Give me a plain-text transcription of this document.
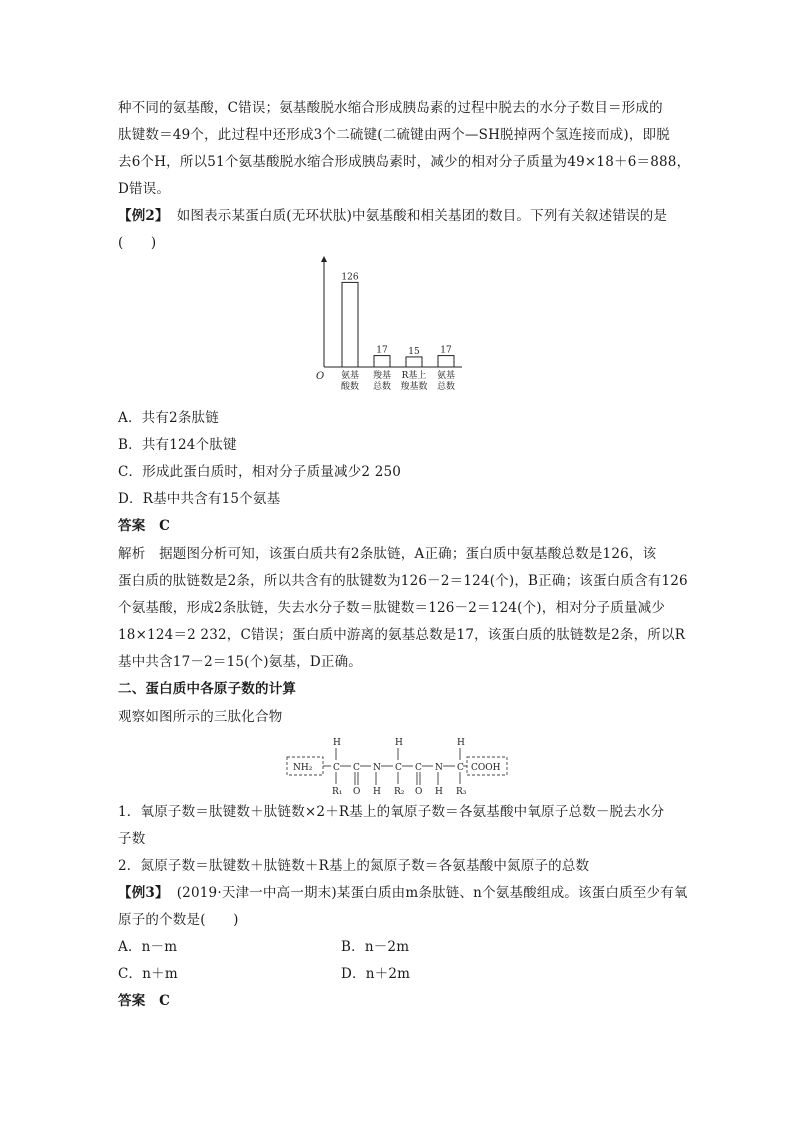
种不同的氨基酸，C错误；氨基酸脱水缩合形成胰岛素的过程中脱去的水分子数目＝形成的
肽键数＝49个，此过程中还形成3个二硫键(二硫键由两个—SH脱掉两个氢连接而成)，即脱
去6个H，所以51个氨基酸脱水缩合形成胰岛素时，减少的相对分子质量为49×18＋6＝888，
D错误。
【例2】 如图表示某蛋白质(无环状肽)中氨基酸和相关基团的数目。下列有关叙述错误的是
(　　)
O
126
氨基
酸数
17
羧基
总数
15
R基上
羧基数
17
氨基
总数
A．共有2条肽链
B．共有124个肽键
C．形成此蛋白质时，相对分子质量减少2 250
D．R基中共含有15个氨基
答案　C
解析　据题图分析可知，该蛋白质共有2条肽链，A正确；蛋白质中氨基酸总数是126，该
蛋白质的肽链数是2条，所以共含有的肽键数为126－2＝124(个)，B正确；该蛋白质含有126
个氨基酸，形成2条肽链，失去水分子数＝肽键数＝126－2＝124(个)，相对分子质量减少
18×124＝2 232，C错误；蛋白质中游离的氨基总数是17，该蛋白质的肽链数是2条，所以R
基中共含17－2＝15(个)氨基，D正确。
二、蛋白质中各原子数的计算
观察如图所示的三肽化合物
NH₂
H
C
R₁
C
O
N
H
H
C
R₂
C
O
N
H
H
C
R₃
COOH
1．氧原子数＝肽键数＋肽链数×2＋R基上的氧原子数＝各氨基酸中氧原子总数－脱去水分
子数
2．氮原子数＝肽键数＋肽链数＋R基上的氮原子数＝各氨基酸中氮原子的总数
【例3】 (2019·天津一中高一期末)某蛋白质由m条肽链、n个氨基酸组成。该蛋白质至少有氧
原子的个数是(　　)
A．n－m	B．n－2m
C．n＋m	D．n＋2m
答案　C
